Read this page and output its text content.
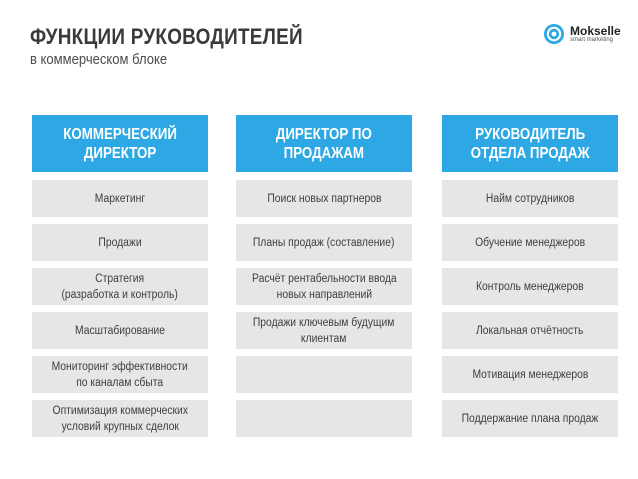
ФУНКЦИИ РУКОВОДИТЕЛЕЙ
в коммерческом блоке
Mokselle
smart marketing
КОММЕРЧЕСКИЙ
ДИРЕКТОР
Маркетинг
Продажи
Стратегия
(разработка и контроль)
Масштабирование
Мониторинг эффективности
по каналам сбыта
Оптимизация коммерческих
условий крупных сделок
ДИРЕКТОР ПО
ПРОДАЖАМ
Поиск новых партнеров
Планы продаж (составление)
Расчёт рентабельности ввода
новых направлений
Продажи ключевым будущим
клиентам
РУКОВОДИТЕЛЬ
ОТДЕЛА ПРОДАЖ
Найм сотрудников
Обучение менеджеров
Контроль менеджеров
Локальная отчётность
Мотивация менеджеров
Поддержание плана продаж
